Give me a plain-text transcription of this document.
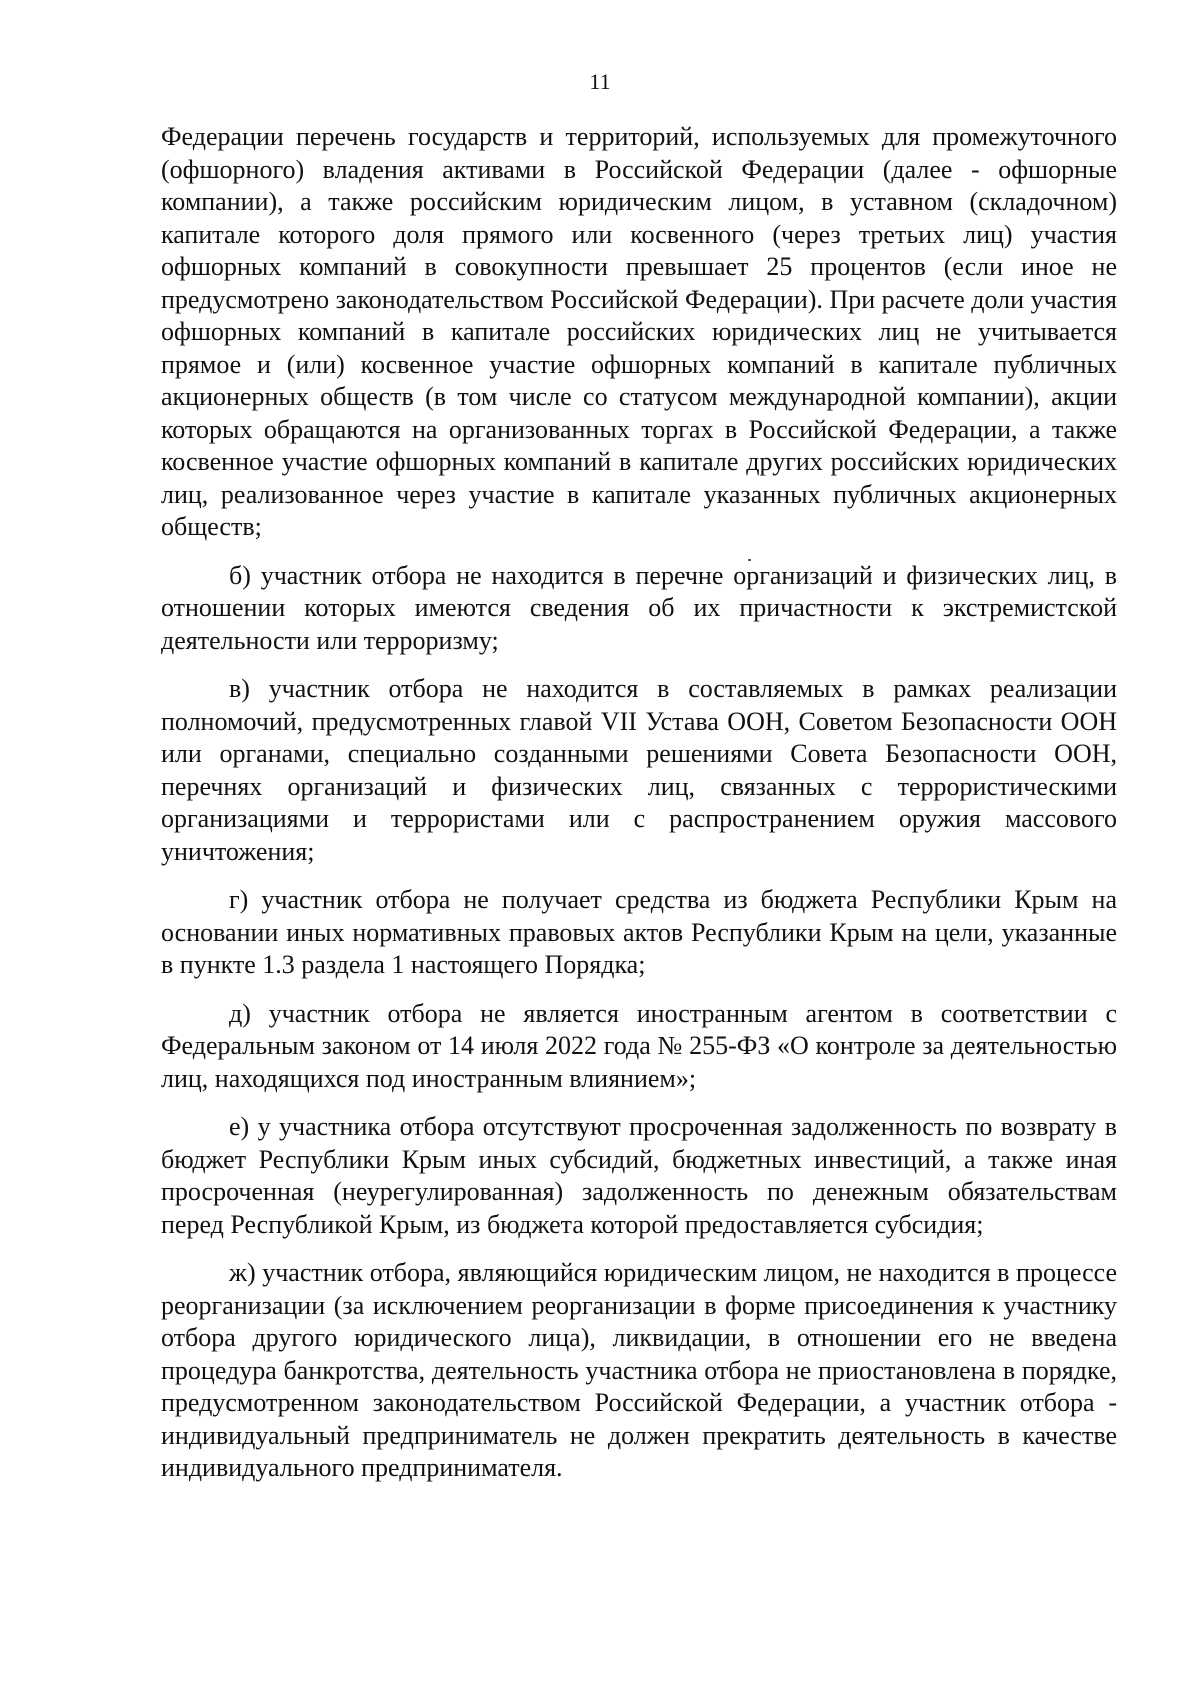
11

Федерации перечень государств и территорий, используемых для промежуточного (офшорного) владения активами в Российской Федерации (далее - офшорные компании), а также российским юридическим лицом, в уставном (складочном) капитале которого доля прямого или косвенного (через третьих лиц) участия офшорных компаний в совокупности превышает 25 процентов (если иное не предусмотрено законодательством Российской Федерации). При расчете доли участия офшорных компаний в капитале российских юридических лиц не учитывается прямое и (или) косвенное участие офшорных компаний в капитале публичных акционерных обществ (в том числе со статусом международной компании), акции которых обращаются на организованных торгах в Российской Федерации, а также косвенное участие офшорных компаний в капитале других российских юридических лиц, реализованное через участие в капитале указанных публичных акционерных обществ;

б) участник отбора не находится в перечне организаций и физических лиц, в отношении которых имеются сведения об их причастности к экстремистской деятельности или терроризму;

в) участник отбора не находится в составляемых в рамках реализации полномочий, предусмотренных главой VII Устава ООН, Советом Безопасности ООН или органами, специально созданными решениями Совета Безопасности ООН, перечнях организаций и физических лиц, связанных с террористическими организациями и террористами или с распространением оружия массового уничтожения;

г) участник отбора не получает средства из бюджета Республики Крым на основании иных нормативных правовых актов Республики Крым на цели, указанные в пункте 1.3 раздела 1 настоящего Порядка;

д) участник отбора не является иностранным агентом в соответствии с Федеральным законом от 14 июля 2022 года № 255-ФЗ «О контроле за деятельностью лиц, находящихся под иностранным влиянием»;

е) у участника отбора отсутствуют просроченная задолженность по возврату в бюджет Республики Крым иных субсидий, бюджетных инвестиций, а также иная просроченная (неурегулированная) задолженность по денежным обязательствам перед Республикой Крым, из бюджета которой предоставляется субсидия;

ж) участник отбора, являющийся юридическим лицом, не находится в процессе реорганизации (за исключением реорганизации в форме присоединения к участнику отбора другого юридического лица), ликвидации, в отношении его не введена процедура банкротства, деятельность участника отбора не приостановлена в порядке, предусмотренном законодательством Российской Федерации, а участник отбора - индивидуальный предприниматель не должен прекратить деятельность в качестве индивидуального предпринимателя.
